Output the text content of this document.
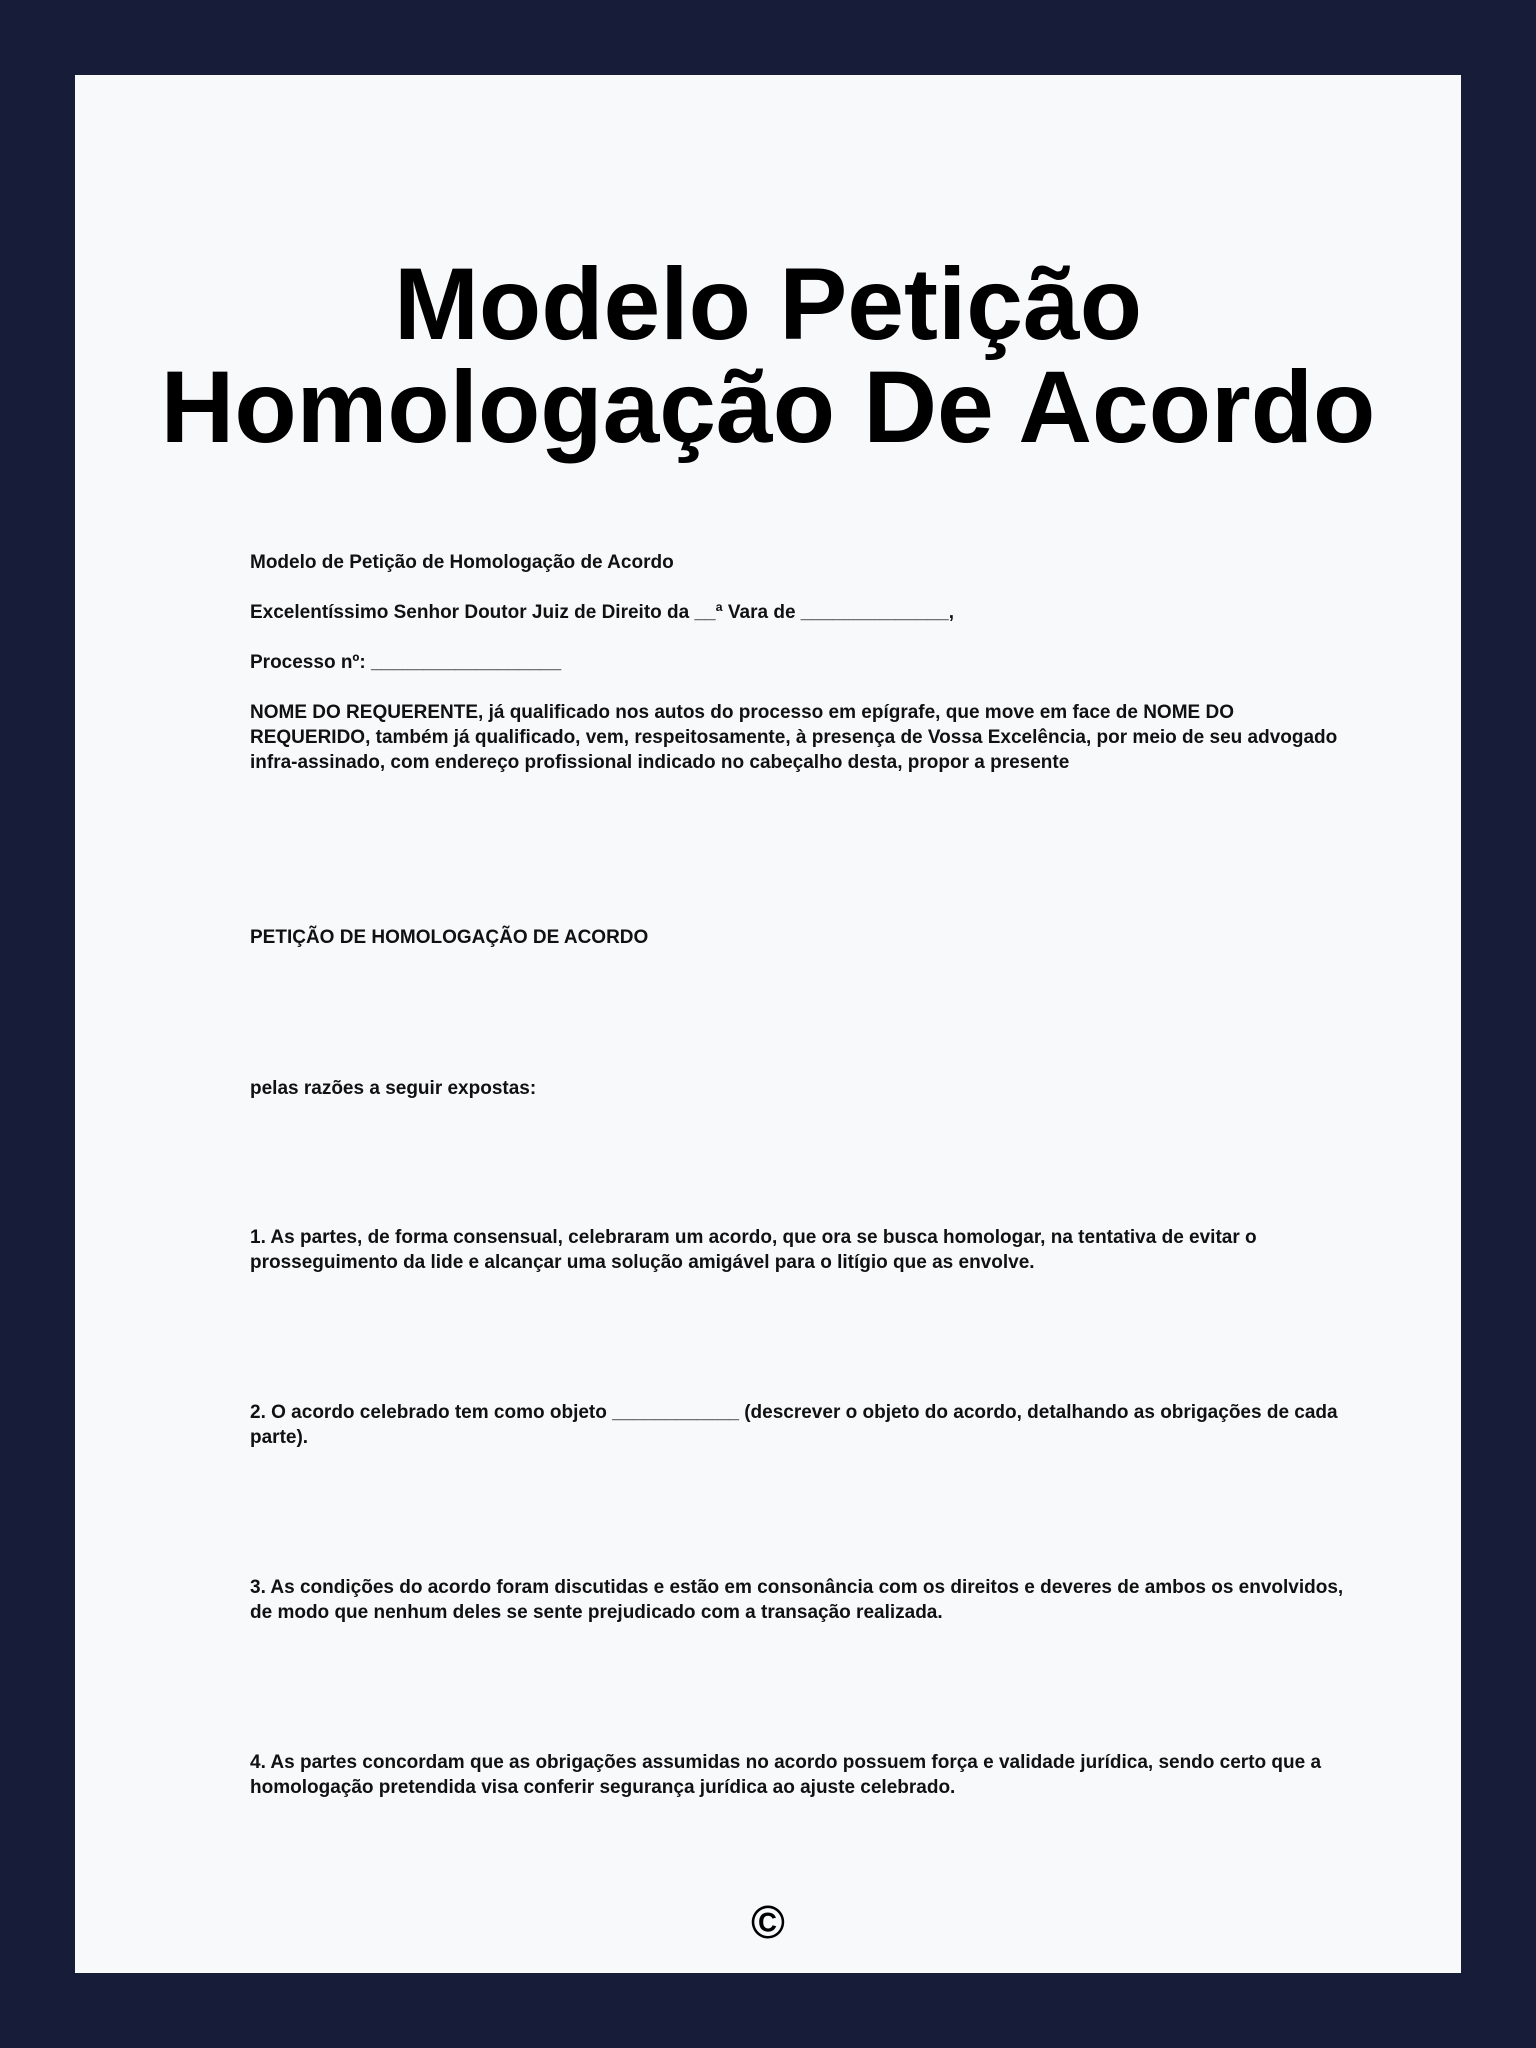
Modelo Petição
Homologação De Acordo

Modelo de Petição de Homologação de Acordo

Excelentíssimo Senhor Doutor Juiz de Direito da __ª Vara de ______________,

Processo nº: __________________

NOME DO REQUERENTE, já qualificado nos autos do processo em epígrafe, que move em face de NOME DO REQUERIDO, também já qualificado, vem, respeitosamente, à presença de Vossa Excelência, por meio de seu advogado infra-assinado, com endereço profissional indicado no cabeçalho desta, propor a presente

PETIÇÃO DE HOMOLOGAÇÃO DE ACORDO

pelas razões a seguir expostas:

1. As partes, de forma consensual, celebraram um acordo, que ora se busca homologar, na tentativa de evitar o prosseguimento da lide e alcançar uma solução amigável para o litígio que as envolve.

2. O acordo celebrado tem como objeto ____________ (descrever o objeto do acordo, detalhando as obrigações de cada parte).

3. As condições do acordo foram discutidas e estão em consonância com os direitos e deveres de ambos os envolvidos, de modo que nenhum deles se sente prejudicado com a transação realizada.

4. As partes concordam que as obrigações assumidas no acordo possuem força e validade jurídica, sendo certo que a homologação pretendida visa conferir segurança jurídica ao ajuste celebrado.

©
